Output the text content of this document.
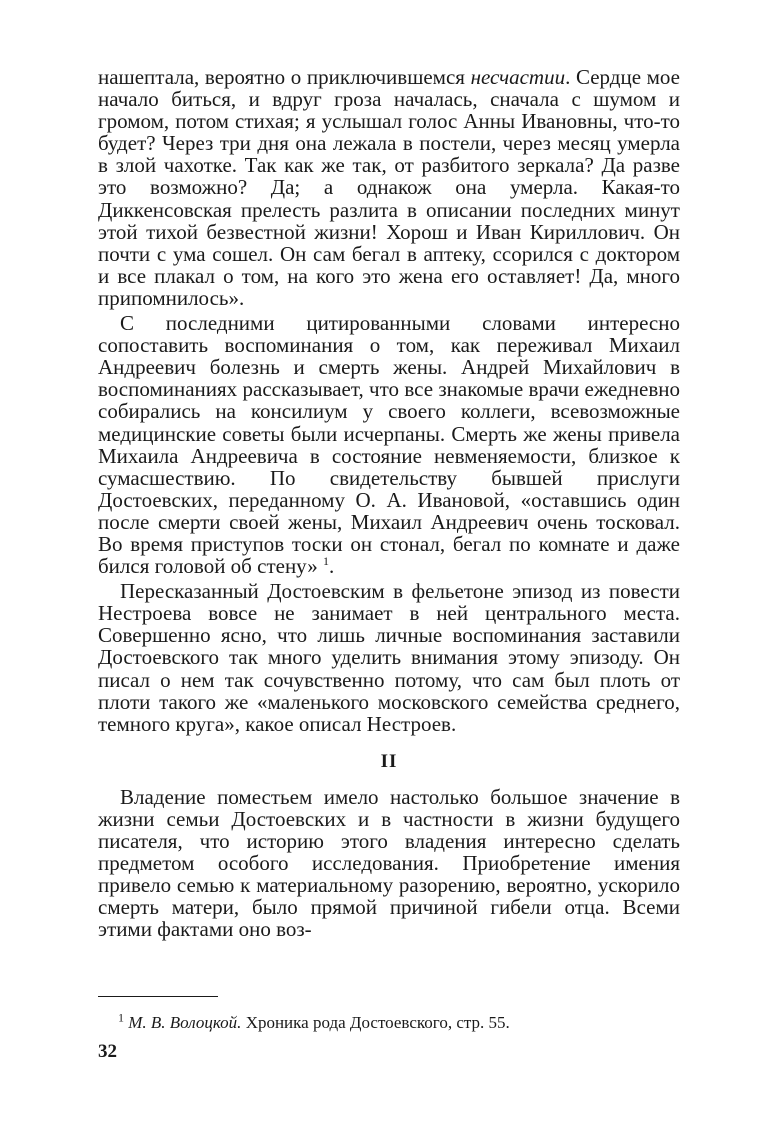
нашептала, вероятно о приключившемся несчастии. Сердце мое начало биться, и вдруг гроза началась, сначала с шумом и громом, потом стихая; я услышал голос Анны Ивановны, что-то будет? Через три дня она лежала в постели, через месяц умерла в злой чахотке. Так как же так, от разбитого зеркала? Да разве это возможно? Да; а однакож она умерла. Какая-то Диккенсовская прелесть разлита в описании последних минут этой тихой безвестной жизни! Хорош и Иван Кириллович. Он почти с ума сошел. Он сам бегал в аптеку, ссорился с доктором и все плакал о том, на кого это жена его оставляет! Да, много припомнилось».

С последними цитированными словами интересно сопоставить воспоминания о том, как переживал Михаил Андреевич болезнь и смерть жены. Андрей Михайлович в воспоминаниях рассказывает, что все знакомые врачи ежедневно собирались на консилиум у своего коллеги, всевозможные медицинские советы были исчерпаны. Смерть же жены привела Михаила Андреевича в состояние невменяемости, близкое к сумасшествию. По свидетельству бывшей прислуги Достоевских, переданному О. А. Ивановой, «оставшись один после смерти своей жены, Михаил Андреевич очень тосковал. Во время приступов тоски он стонал, бегал по комнате и даже бился головой об стену» $^1$.

Пересказанный Достоевским в фельетоне эпизод из повести Нестроева вовсе не занимает в ней центрального места. Совершенно ясно, что лишь личные воспоминания заставили Достоевского так много уделить внимания этому эпизоду. Он писал о нем так сочувственно потому, что сам был плоть от плоти такого же «маленького московского семейства среднего, темного круга», какое описал Нестроев.

II

Владение поместьем имело настолько большое значение в жизни семьи Достоевских и в частности в жизни будущего писателя, что историю этого владения интересно сделать предметом особого исследования. Приобретение имения привело семью к материальному разорению, вероятно, ускорило смерть матери, было прямой причиной гибели отца. Всеми этими фактами оно воз-

$^1$ М. В. Волоцкой. Хроника рода Достоевского, стр. 55.
32
